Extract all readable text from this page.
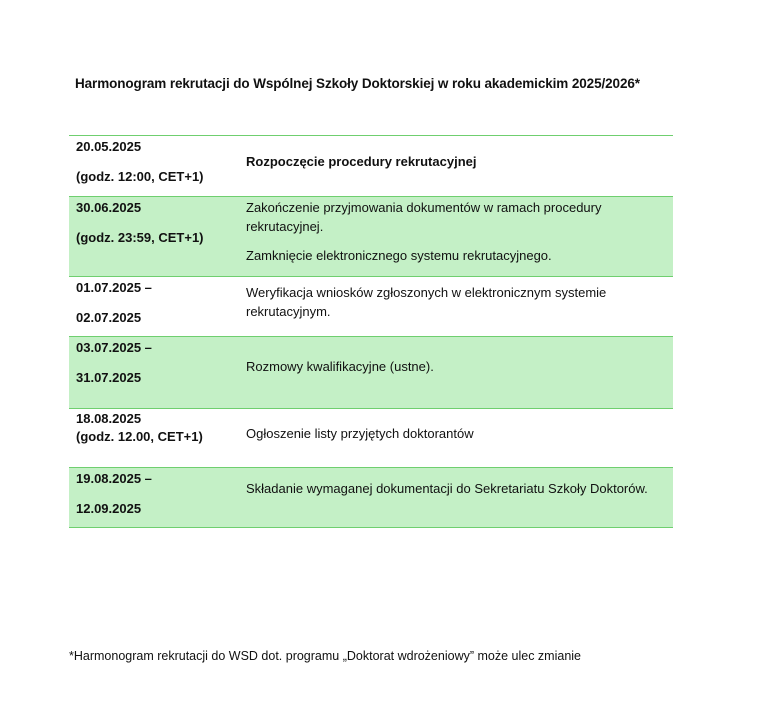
Harmonogram rekrutacji do Wspólnej Szkoły Doktorskiej w roku akademickim 2025/2026*
20.05.2025
(godz. 12:00, CET+1)

Rozpoczęcie procedury rekrutacyjnej

30.06.2025
(godz. 23:59, CET+1)

Zakończenie przyjmowania dokumentów w ramach procedury rekrutacyjnej.

Zamknięcie elektronicznego systemu rekrutacyjnego.

01.07.2025 –
02.07.2025

Weryfikacja wniosków zgłoszonych w elektronicznym systemie rekrutacyjnym.

03.07.2025 –
31.07.2025

Rozmowy kwalifikacyjne (ustne).

18.08.2025
(godz. 12.00, CET+1)	Ogłoszenie listy przyjętych doktorantów

19.08.2025 –
12.09.2025

Składanie wymaganej dokumentacji do Sekretariatu Szkoły Doktorów.

*Harmonogram rekrutacji do WSD dot. programu „Doktorat wdrożeniowy” może ulec zmianie
